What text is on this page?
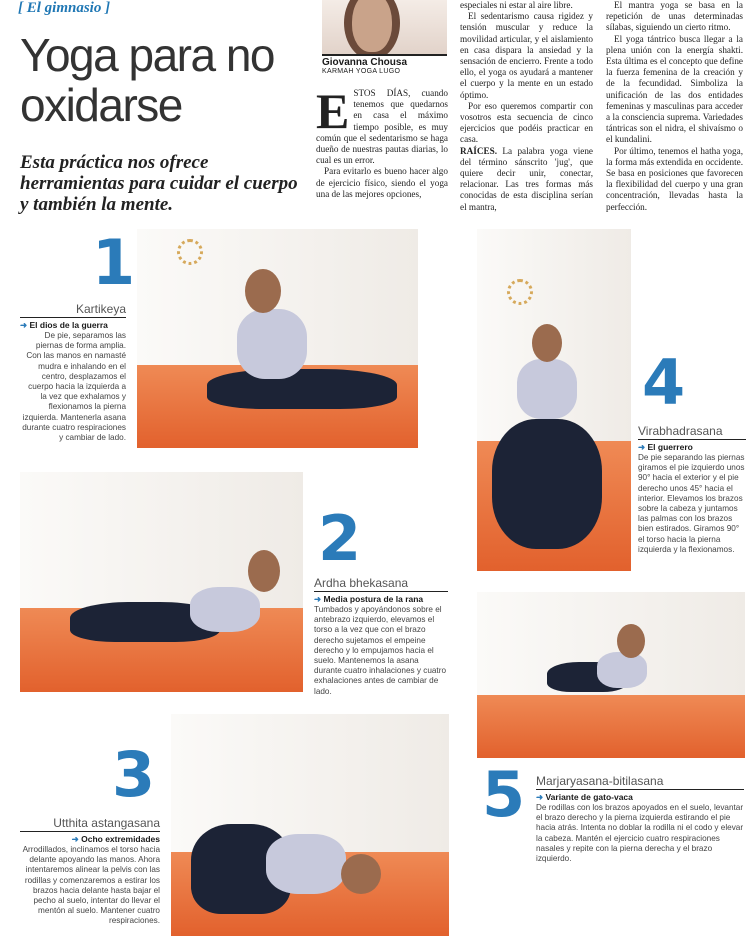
[ El gimnasio ]
Yoga para no oxidarse
Esta práctica nos ofrece herramientas para cuidar el cuerpo y también la mente.
Giovanna Chousa
KARMAH YOGA LUGO

ESTOS DÍAS, cuando tenemos que quedarnos en casa el máximo tiempo posible, es muy común que el sedentarismo se haga dueño de nuestras pautas diarias, lo cual es un error.

Para evitarlo es bueno hacer algo de ejercicio físico, siendo el yoga una de las mejores opciones,

especiales ni estar al aire libre.

El sedentarismo causa rigidez y tensión muscular y reduce la movilidad articular, y el aislamiento en casa dispara la ansiedad y la sensación de encierro. Frente a todo ello, el yoga os ayudará a mantener el cuerpo y la mente en un estado óptimo.

Por eso queremos compartir con vosotros esta secuencia de cinco ejercicios que podéis practicar en casa.

RAÍCES. La palabra yoga viene del término sánscrito 'jug', que quiere decir unir, conectar, relacionar. Las tres formas más conocidas de esta disciplina serían el mantra,

El mantra yoga se basa en la repetición de unas determinadas sílabas, siguiendo un cierto ritmo.

El yoga tántrico busca llegar a la plena unión con la energía shakti. Esta última es el concepto que define la fuerza femenina de la creación y de la fecundidad. Simboliza la unificación de las dos entidades femeninas y masculinas para acceder a la consciencia suprema. Variedades tántricas son el nidra, el shivaísmo o el kundalini.

Por último, tenemos el hatha yoga, la forma más extendida en occidente. Se basa en posiciones que favorecen la flexibilidad del cuerpo y una gran concentración, llevadas hasta la perfección.

1
Kartikeya
➜ El dios de la guerra
De pie, separamos las piernas de forma amplia. Con las manos en namasté mudra e inhalando en el centro, desplazamos el cuerpo hacia la izquierda a la vez que exhalamos y flexionamos la pierna izquierda. Mantenerla asana durante cuatro respiraciones y cambiar de lado.
4
Virabhadrasana
➜ El guerrero
De pie separando las piernas giramos el pie izquierdo unos 90° hacia el exterior y el pie derecho unos 45° hacia el interior. Elevamos los brazos sobre la cabeza y juntamos las palmas con los brazos bien estirados. Giramos 90° el torso hacia la pierna izquierda y la flexionamos.
2
Ardha bhekasana
➜ Media postura de la rana
Tumbados y apoyándonos sobre el antebrazo izquierdo, elevamos el torso a la vez que con el brazo derecho sujetamos el empeine derecho y lo empujamos hacia el suelo. Mantenemos la asana durante cuatro inhalaciones y cuatro exhalaciones antes de cambiar de lado.
3
Utthita astangasana
➜ Ocho extremidades
Arrodillados, inclinamos el torso hacia delante apoyando las manos. Ahora intentaremos alinear la pelvis con las rodillas y comenzaremos a estirar los brazos hacia delante hasta bajar el pecho al suelo, intentar do llevar el mentón al suelo. Mantener cuatro respiraciones.
5 Marjaryasana-bitilasana
➜ Variante de gato-vaca
De rodillas con los brazos apoyados en el suelo, levantar el brazo derecho y la pierna izquierda estirando el pie hacia atrás. Intenta no doblar la rodilla ni el codo y elevar la cabeza. Mantén el ejercicio cuatro respiraciones nasales y repite con la pierna derecha y el brazo izquierdo.
